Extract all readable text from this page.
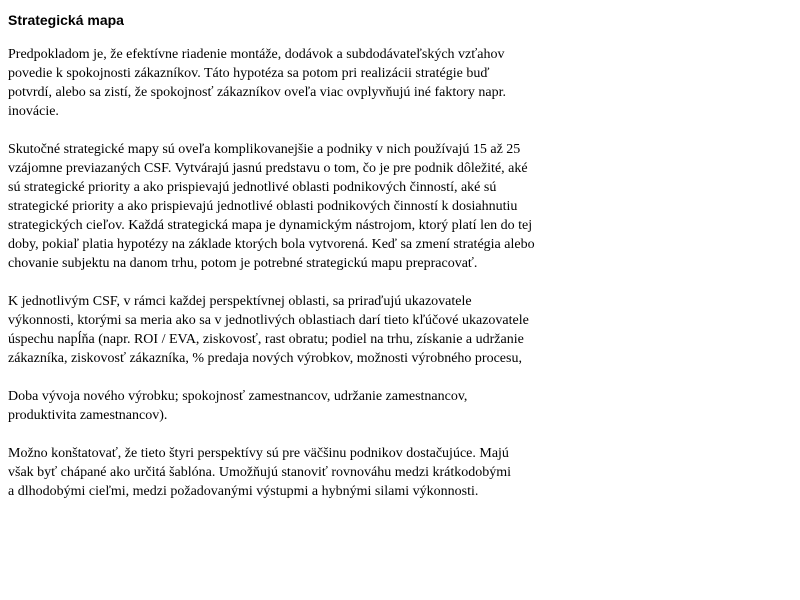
Strategická mapa

Predpokladom je, že efektívne riadenie montáže, dodávok a subdodávateľských vzťahov
povedie k spokojnosti zákazníkov. Táto hypotéza sa potom pri realizácii stratégie buď
potvrdí, alebo sa zistí, že spokojnosť zákazníkov oveľa viac ovplyvňujú iné faktory napr.
inovácie.

Skutočné strategické mapy sú oveľa komplikovanejšie a podniky v nich používajú 15 až 25
vzájomne previazaných CSF. Vytvárajú jasnú predstavu o tom, čo je pre podnik dôležité, aké
sú strategické priority a ako prispievajú jednotlivé oblasti podnikových činností, aké sú
strategické priority a ako prispievajú jednotlivé oblasti podnikových činností k dosiahnutiu
strategických cieľov. Každá strategická mapa je dynamickým nástrojom, ktorý platí len do tej
doby, pokiaľ platia hypotézy na základe ktorých bola vytvorená. Keď sa zmení stratégia alebo
chovanie subjektu na danom trhu, potom je potrebné strategickú mapu prepracovať.

K jednotlivým CSF, v rámci každej perspektívnej oblasti, sa priraďujú ukazovatele
výkonnosti, ktorými sa meria ako sa v jednotlivých oblastiach darí tieto kľúčové ukazovatele
úspechu napĺňa (napr. ROI / EVA, ziskovosť, rast obratu; podiel na trhu, získanie a udržanie
zákazníka, ziskovosť zákazníka, % predaja nových výrobkov, možnosti výrobného procesu,

Doba vývoja nového výrobku; spokojnosť zamestnancov, udržanie zamestnancov,
produktivita zamestnancov).

Možno konštatovať, že tieto štyri perspektívy sú pre väčšinu podnikov dostačujúce. Majú
však byť chápané ako určitá šablóna. Umožňujú stanoviť rovnováhu medzi krátkodobými
a dlhodobými cieľmi, medzi požadovanými výstupmi a hybnými silami výkonnosti.
